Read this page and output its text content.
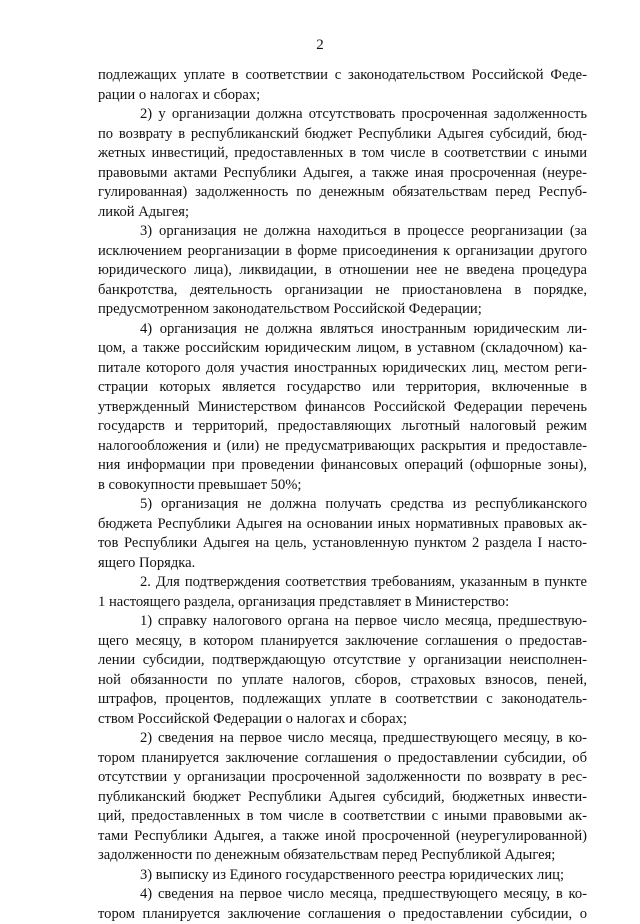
2
подлежащих уплате в соответствии с законодательством Российской Феде-
рации о налогах и сборах;
2) у организации должна отсутствовать просроченная задолженность
по возврату в республиканский бюджет Республики Адыгея субсидий, бюд-
жетных инвестиций, предоставленных в том числе в соответствии с иными
правовыми актами Республики Адыгея, а также иная просроченная (неуре-
гулированная) задолженность по денежным обязательствам перед Респуб-
ликой Адыгея;
3) организация не должна находиться в процессе реорганизации (за
исключением реорганизации в форме присоединения к организации другого
юридического лица), ликвидации, в отношении нее не введена процедура
банкротства, деятельность организации не приостановлена в порядке,
предусмотренном законодательством Российской Федерации;
4) организация не должна являться иностранным юридическим ли-
цом, а также российским юридическим лицом, в уставном (складочном) ка-
питале которого доля участия иностранных юридических лиц, местом реги-
страции которых является государство или территория, включенные в
утвержденный Министерством финансов Российской Федерации перечень
государств и территорий, предоставляющих льготный налоговый режим
налогообложения и (или) не предусматривающих раскрытия и предоставле-
ния информации при проведении финансовых операций (офшорные зоны),
в совокупности превышает 50%;
5) организация не должна получать средства из республиканского
бюджета Республики Адыгея на основании иных нормативных правовых ак-
тов Республики Адыгея на цель, установленную пунктом 2 раздела I насто-
ящего Порядка.
2. Для подтверждения соответствия требованиям, указанным в пункте
1 настоящего раздела, организация представляет в Министерство:
1) справку налогового органа на первое число месяца, предшествую-
щего месяцу, в котором планируется заключение соглашения о предостав-
лении субсидии, подтверждающую отсутствие у организации неисполнен-
ной обязанности по уплате налогов, сборов, страховых взносов, пеней,
штрафов, процентов, подлежащих уплате в соответствии с законодатель-
ством Российской Федерации о налогах и сборах;
2) сведения на первое число месяца, предшествующего месяцу, в ко-
тором планируется заключение соглашения о предоставлении субсидии, об
отсутствии у организации просроченной задолженности по возврату в рес-
публиканский бюджет Республики Адыгея субсидий, бюджетных инвести-
ций, предоставленных в том числе в соответствии с иными правовыми ак-
тами Республики Адыгея, а также иной просроченной (неурегулированной)
задолженности по денежным обязательствам перед Республикой Адыгея;
3) выписку из Единого государственного реестра юридических лиц;
4) сведения на первое число месяца, предшествующего месяцу, в ко-
тором планируется заключение соглашения о предоставлении субсидии, о
